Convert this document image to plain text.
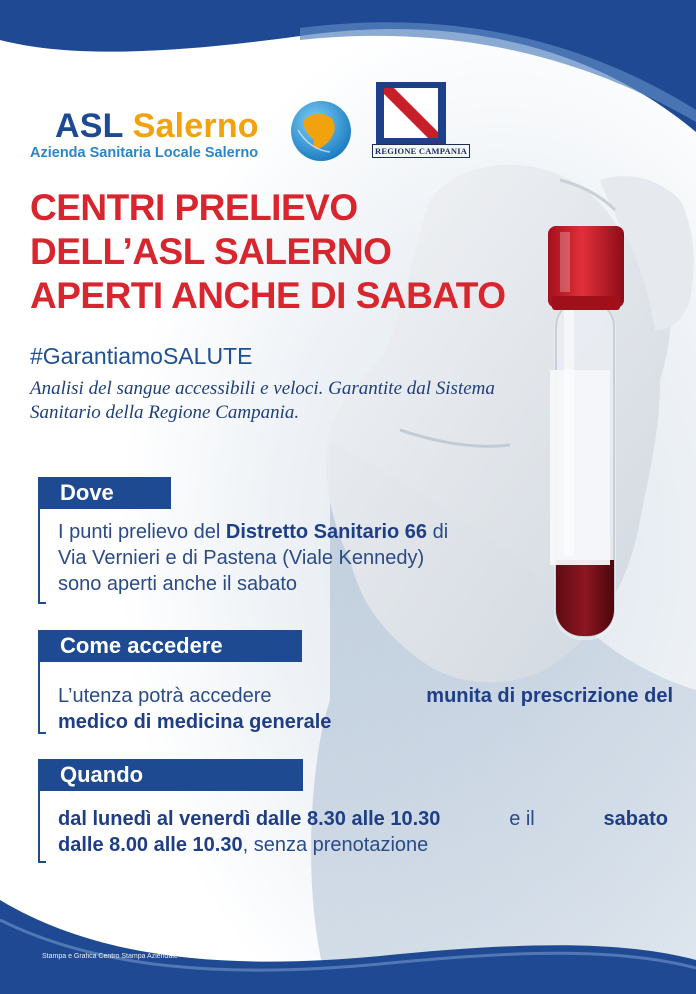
ASL Salerno
Azienda Sanitaria Locale Salerno	REGIONE CAMPANIA
CENTRI PRELIEVO
DELL’ASL SALERNO
APERTI ANCHE DI SABATO
#GarantiamoSALUTE
Analisi del sangue accessibili e veloci. Garantite dal Sistema Sanitario della Regione Campania.
Dove
I punti prelievo del Distretto Sanitario 66 di
Via Vernieri e di Pastena (Viale Kennedy)
sono aperti anche il sabato
Come accedere
L’utenza potrà accedere	munita di prescrizione del
medico di medicina generale
Quando
dal lunedì al venerdì dalle 8.30 alle 10.30	e il	sabato
dalle 8.00 alle 10.30, senza prenotazione
Stampa e Grafica Centro Stampa Aziendale
